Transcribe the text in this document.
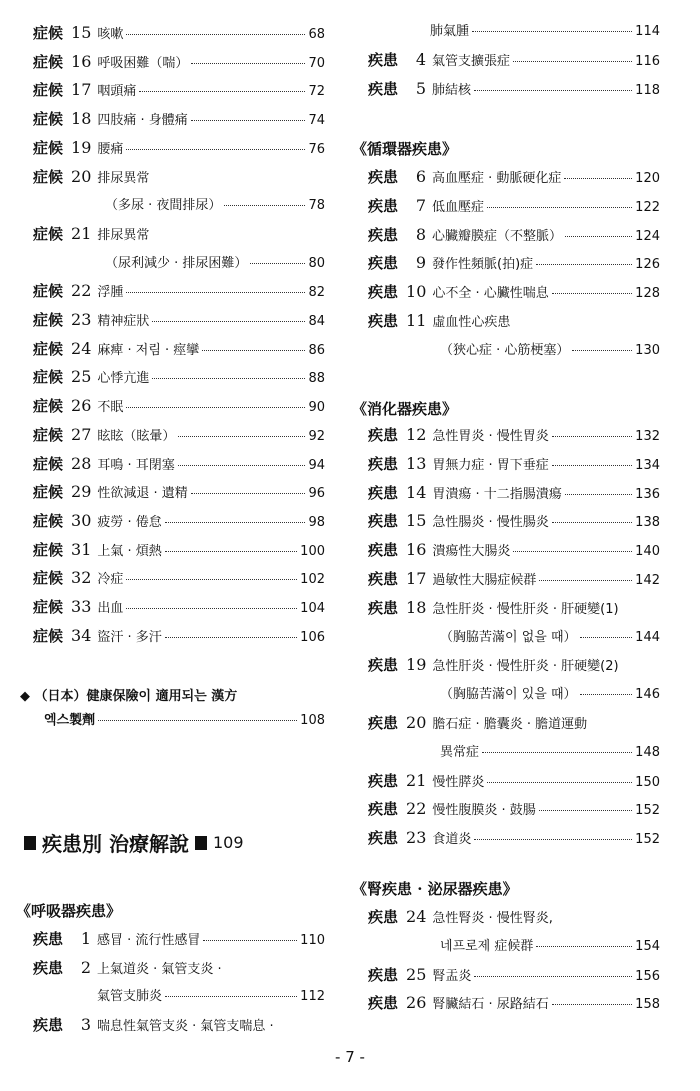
症候 15 咳嗽	68
症候 16 呼吸困難（喘）	70
症候 17 咽頭痛	72
症候 18 四肢痛 · 身體痛	74
症候 19 腰痛	76
症候 20 排尿異常
（多尿 · 夜間排尿）	78
症候 21 排尿異常
（尿利減少 · 排尿困難）	80
症候 22 浮腫	82
症候 23 精神症狀	84
症候 24 麻痺 · 저림 · 痙攣	86
症候 25 心悸亢進	88
症候 26 不眠	90
症候 27 眩眩（眩暈）	92
症候 28 耳鳴 · 耳閉塞	94
症候 29 性欲減退 · 遺精	96
症候 30 疲勞 · 倦怠	98
症候 31 上氣 · 煩熱	100
症候 32 冷症	102
症候 33 出血	104
症候 34 盜汗 · 多汗	106
◆ （日本）健康保險이 適用되는 漢方
엑스製劑	108
疾患別 治療解說 109
《呼吸器疾患》
疾患	1 感冒 · 流行性感冒	110
疾患	2 上氣道炎 · 氣管支炎 ·
氣管支肺炎	112
疾患	3 喘息性氣管支炎 · 氣管支喘息 ·
肺氣腫	114
疾患	4 氣管支擴張症	116
疾患	5 肺結核	118
《循環器疾患》
疾患	6 高血壓症 · 動脈硬化症	120
疾患	7 低血壓症	122
疾患	8 心臟瓣膜症（不整脈）	124
疾患	9 發作性頻脈(拍)症	126
疾患 10 心不全 · 心臟性喘息	128
疾患 11 虛血性心疾患
（狹心症 · 心筋梗塞）	130
《消化器疾患》
疾患 12 急性胃炎 · 慢性胃炎	132
疾患 13 胃無力症 · 胃下垂症	134
疾患 14 胃潰瘍 · 十二指腸潰瘍	136
疾患 15 急性腸炎 · 慢性腸炎	138
疾患 16 潰瘍性大腸炎	140
疾患 17 過敏性大腸症候群	142
疾患 18 急性肝炎 · 慢性肝炎 · 肝硬變(1)
（胸脇苦滿이 없을 때）	144
疾患 19 急性肝炎 · 慢性肝炎 · 肝硬變(2)
（胸脇苦滿이 있을 때）	146
疾患 20 膽石症 · 膽囊炎 · 膽道運動
異常症	148
疾患 21 慢性膵炎	150
疾患 22 慢性腹膜炎 · 鼓腸	152
疾患 23 食道炎	152
《腎疾患 · 泌尿器疾患》
疾患 24 急性腎炎 · 慢性腎炎,
네프로제 症候群	154
疾患 25 腎盂炎	156
疾患 26 腎臟結石 · 尿路結石	158
- 7 -
